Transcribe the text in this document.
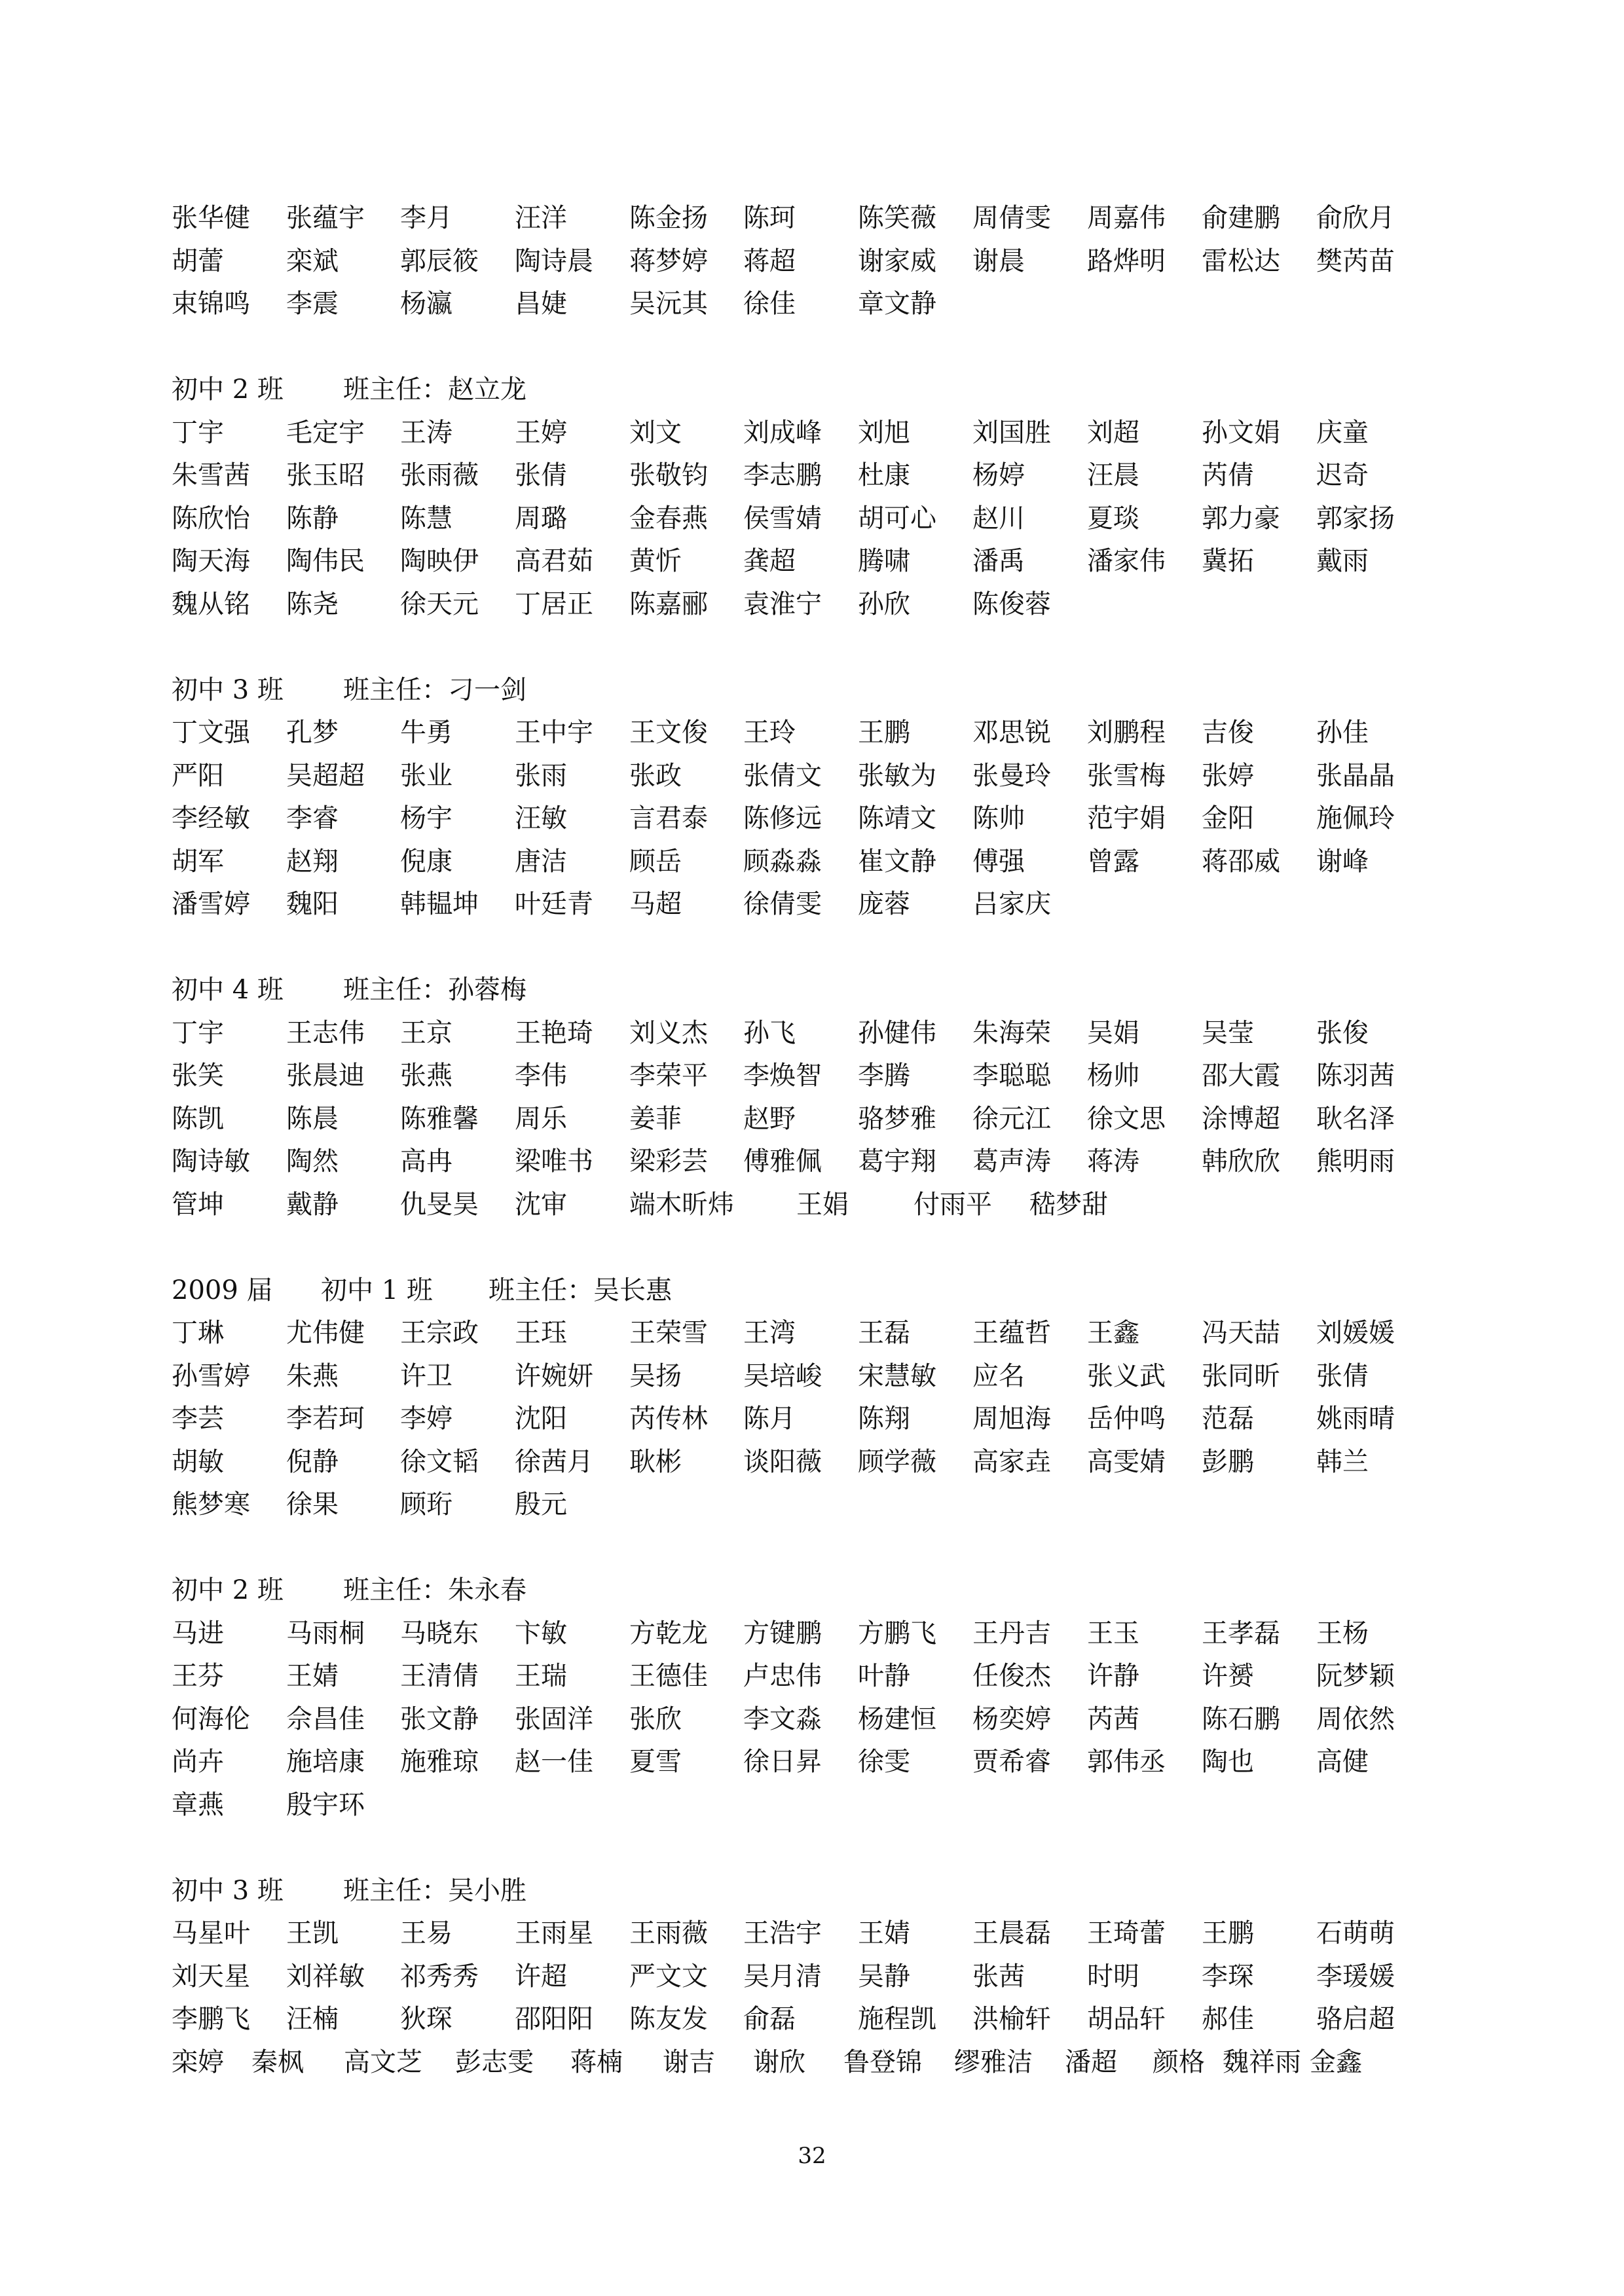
张华健 张蕴宇 李月 汪洋 陈金扬 陈珂 陈笑薇 周倩雯 周嘉伟 俞建鹏 俞欣月
胡蕾 栾斌 郭辰筱 陶诗晨 蒋梦婷 蒋超 谢家威 谢晨 路烨明 雷松达 樊芮苗
束锦鸣 李震 杨瀛 昌婕 吴沅其 徐佳 章文静
初中 2 班 班主任：赵立龙
丁宇 毛定宇 王涛 王婷 刘文 刘成峰 刘旭 刘国胜 刘超 孙文娟 庆童
朱雪茜 张玉昭 张雨薇 张倩 张敬钧 李志鹏 杜康 杨婷 汪晨 芮倩 迟奇
陈欣怡 陈静 陈慧 周璐 金春燕 侯雪婧 胡可心 赵川 夏琰 郭力豪 郭家扬
陶天海 陶伟民 陶映伊 高君茹 黄忻 龚超 腾啸 潘禹 潘家伟 冀拓 戴雨
魏从铭 陈尧 徐天元 丁居正 陈嘉郦 袁淮宁 孙欣 陈俊蓉
初中 3 班 班主任：刁一剑
丁文强 孔梦 牛勇 王中宇 王文俊 王玲 王鹏 邓思锐 刘鹏程 吉俊 孙佳
严阳 吴超超 张业 张雨 张政 张倩文 张敏为 张曼玲 张雪梅 张婷 张晶晶
李经敏 李睿 杨宇 汪敏 言君泰 陈修远 陈靖文 陈帅 范宇娟 金阳 施佩玲
胡军 赵翔 倪康 唐洁 顾岳 顾淼淼 崔文静 傅强 曾露 蒋邵威 谢峰
潘雪婷 魏阳 韩韫坤 叶廷青 马超 徐倩雯 庞蓉 吕家庆
初中 4 班 班主任：孙蓉梅
丁宇 王志伟 王京 王艳琦 刘义杰 孙飞 孙健伟 朱海荣 吴娟 吴莹 张俊
张笑 张晨迪 张燕 李伟 李荣平 李焕智 李腾 李聪聪 杨帅 邵大霞 陈羽茜
陈凯 陈晨 陈雅馨 周乐 姜菲 赵野 骆梦雅 徐元江 徐文思 涂博超 耿名泽
陶诗敏 陶然 高冉 梁唯书 梁彩芸 傅雅佩 葛宇翔 葛声涛 蒋涛 韩欣欣 熊明雨
管坤 戴静 仇旻昊 沈审 端木昕炜 王娟 付雨平 嵇梦甜
2009 届 初中 1 班 班主任：吴长惠
丁琳 尤伟健 王宗政 王珏 王荣雪 王湾 王磊 王蕴哲 王鑫 冯天喆 刘媛媛
孙雪婷 朱燕 许卫 许婉妍 吴扬 吴培峻 宋慧敏 应名 张义武 张同昕 张倩
李芸 李若珂 李婷 沈阳 芮传林 陈月 陈翔 周旭海 岳仲鸣 范磊 姚雨晴
胡敏 倪静 徐文韬 徐茜月 耿彬 谈阳薇 顾学薇 高家垚 高雯婧 彭鹏 韩兰
熊梦寒 徐果 顾珩 殷元
初中 2 班 班主任：朱永春
马进 马雨桐 马晓东 卞敏 方乾龙 方键鹏 方鹏飞 王丹吉 王玉 王孝磊 王杨
王芬 王婧 王清倩 王瑞 王德佳 卢忠伟 叶静 任俊杰 许静 许赟 阮梦颖
何海伦 佘昌佳 张文静 张固洋 张欣 李文淼 杨建恒 杨奕婷 芮茜 陈石鹏 周依然
尚卉 施培康 施雅琼 赵一佳 夏雪 徐日昇 徐雯 贾希睿 郭伟丞 陶也 高健
章燕 殷宇环
初中 3 班 班主任：吴小胜
马星叶 王凯 王易 王雨星 王雨薇 王浩宇 王婧 王晨磊 王琦蕾 王鹏 石萌萌
刘天星 刘祥敏 祁秀秀 许超 严文文 吴月清 吴静 张茜 时明 李琛 李瑗媛
李鹏飞 汪楠 狄琛 邵阳阳 陈友发 俞磊 施程凯 洪榆轩 胡品轩 郝佳 骆启超
栾婷 秦枫 高文芝 彭志雯 蒋楠 谢吉 谢欣 鲁登锦 缪雅洁 潘超 颜格 魏祥雨 金鑫
32
